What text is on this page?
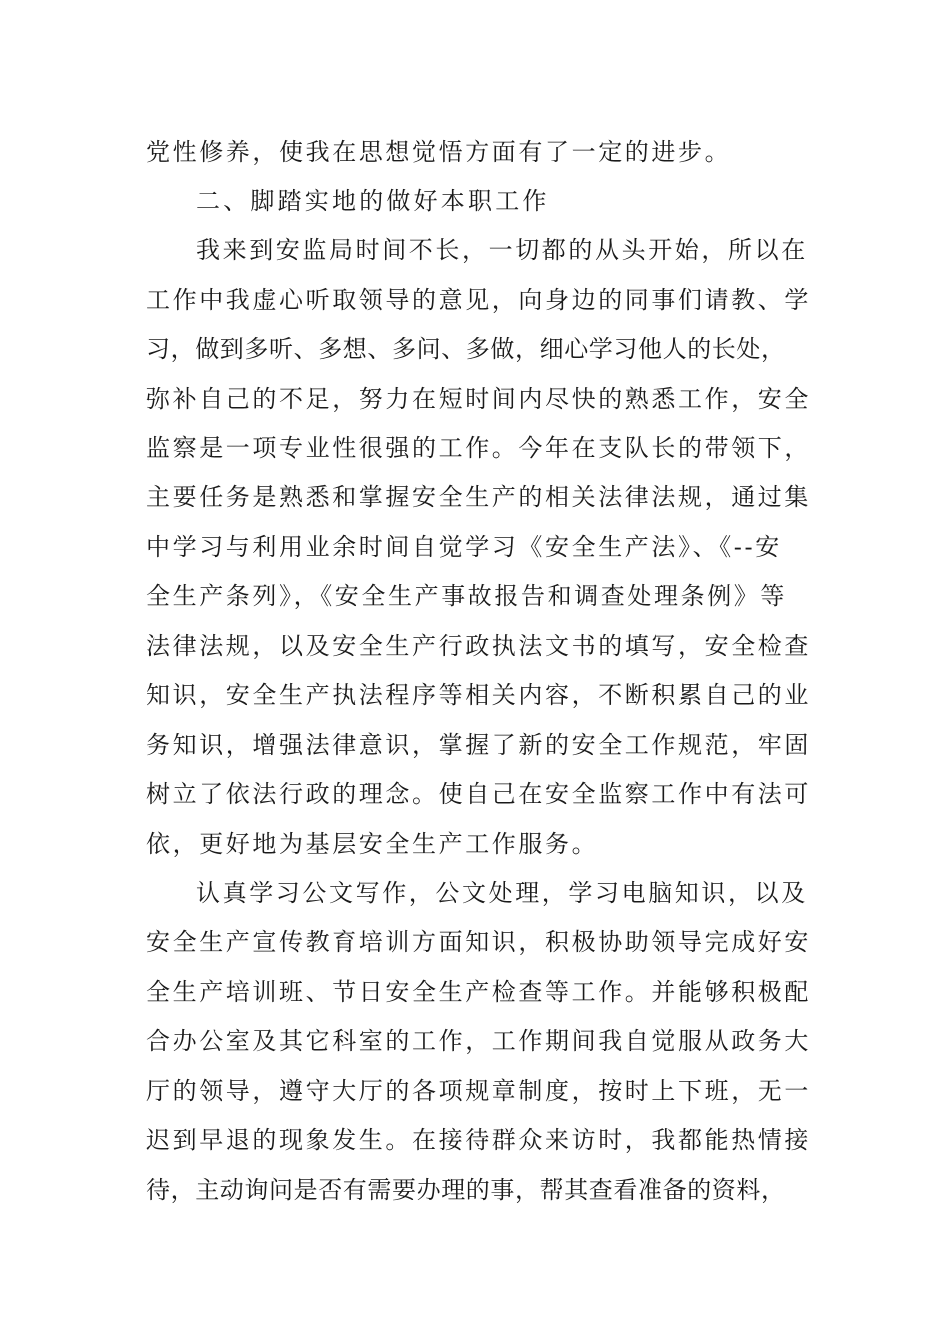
党性修养，使我在思想觉悟方面有了一定的进步。
二、脚踏实地的做好本职工作
我来到安监局时间不长，一切都的从头开始，所以在
工作中我虚心听取领导的意见，向身边的同事们请教、学
习，做到多听、多想、多问、多做，细心学习他人的长处，
弥补自己的不足，努力在短时间内尽快的熟悉工作，安全
监察是一项专业性很强的工作。今年在支队长的带领下，
主要任务是熟悉和掌握安全生产的相关法律法规，通过集
中学习与利用业余时间自觉学习《安全生产法》、《--安
全生产条列》，《安全生产事故报告和调查处理条例》等
法律法规，以及安全生产行政执法文书的填写，安全检查
知识，安全生产执法程序等相关内容，不断积累自己的业
务知识，增强法律意识，掌握了新的安全工作规范，牢固
树立了依法行政的理念。使自己在安全监察工作中有法可
依，更好地为基层安全生产工作服务。
认真学习公文写作，公文处理，学习电脑知识，以及
安全生产宣传教育培训方面知识，积极协助领导完成好安
全生产培训班、节日安全生产检查等工作。并能够积极配
合办公室及其它科室的工作，工作期间我自觉服从政务大
厅的领导，遵守大厅的各项规章制度，按时上下班，无一
迟到早退的现象发生。在接待群众来访时，我都能热情接
待，主动询问是否有需要办理的事，帮其查看准备的资料，
